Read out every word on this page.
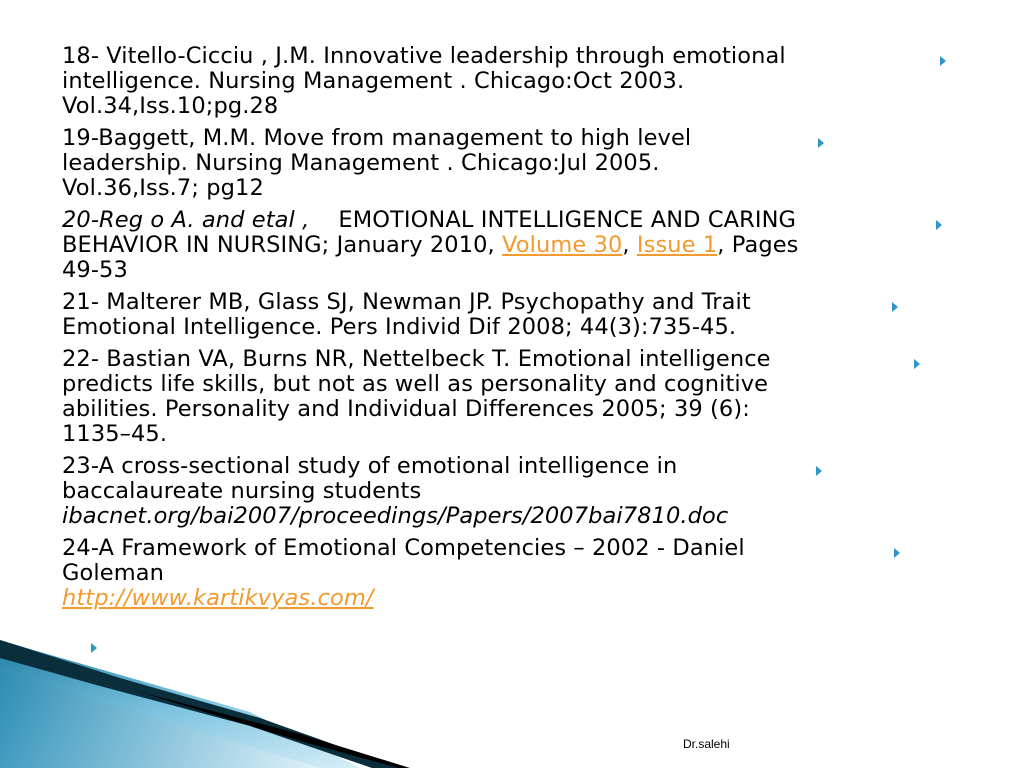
18- Vitello-Cicciu , J.M. Innovative leadership through emotional
intelligence. Nursing Management . Chicago:Oct 2003.
Vol.34,Iss.10;pg.28
19-Baggett, M.M. Move from management to high level
leadership. Nursing Management . Chicago:Jul 2005.
Vol.36,Iss.7; pg12
20-Reg o A. and etal , EMOTIONAL INTELLIGENCE AND CARING
BEHAVIOR IN NURSING; January 2010, Volume 30, Issue 1, Pages
49-53
21- Malterer MB, Glass SJ, Newman JP. Psychopathy and Trait
Emotional Intelligence. Pers Individ Dif 2008; 44(3):735-45.
22- Bastian VA, Burns NR, Nettelbeck T. Emotional intelligence
predicts life skills, but not as well as personality and cognitive
abilities. Personality and Individual Differences 2005; 39 (6):
1135–45.
23-A cross-sectional study of emotional intelligence in
baccalaureate nursing students
ibacnet.org/bai2007/proceedings/Papers/2007bai7810.doc
24-A Framework of Emotional Competencies – 2002 - Daniel
Goleman
http://www.kartikvyas.com/
Dr.salehi
